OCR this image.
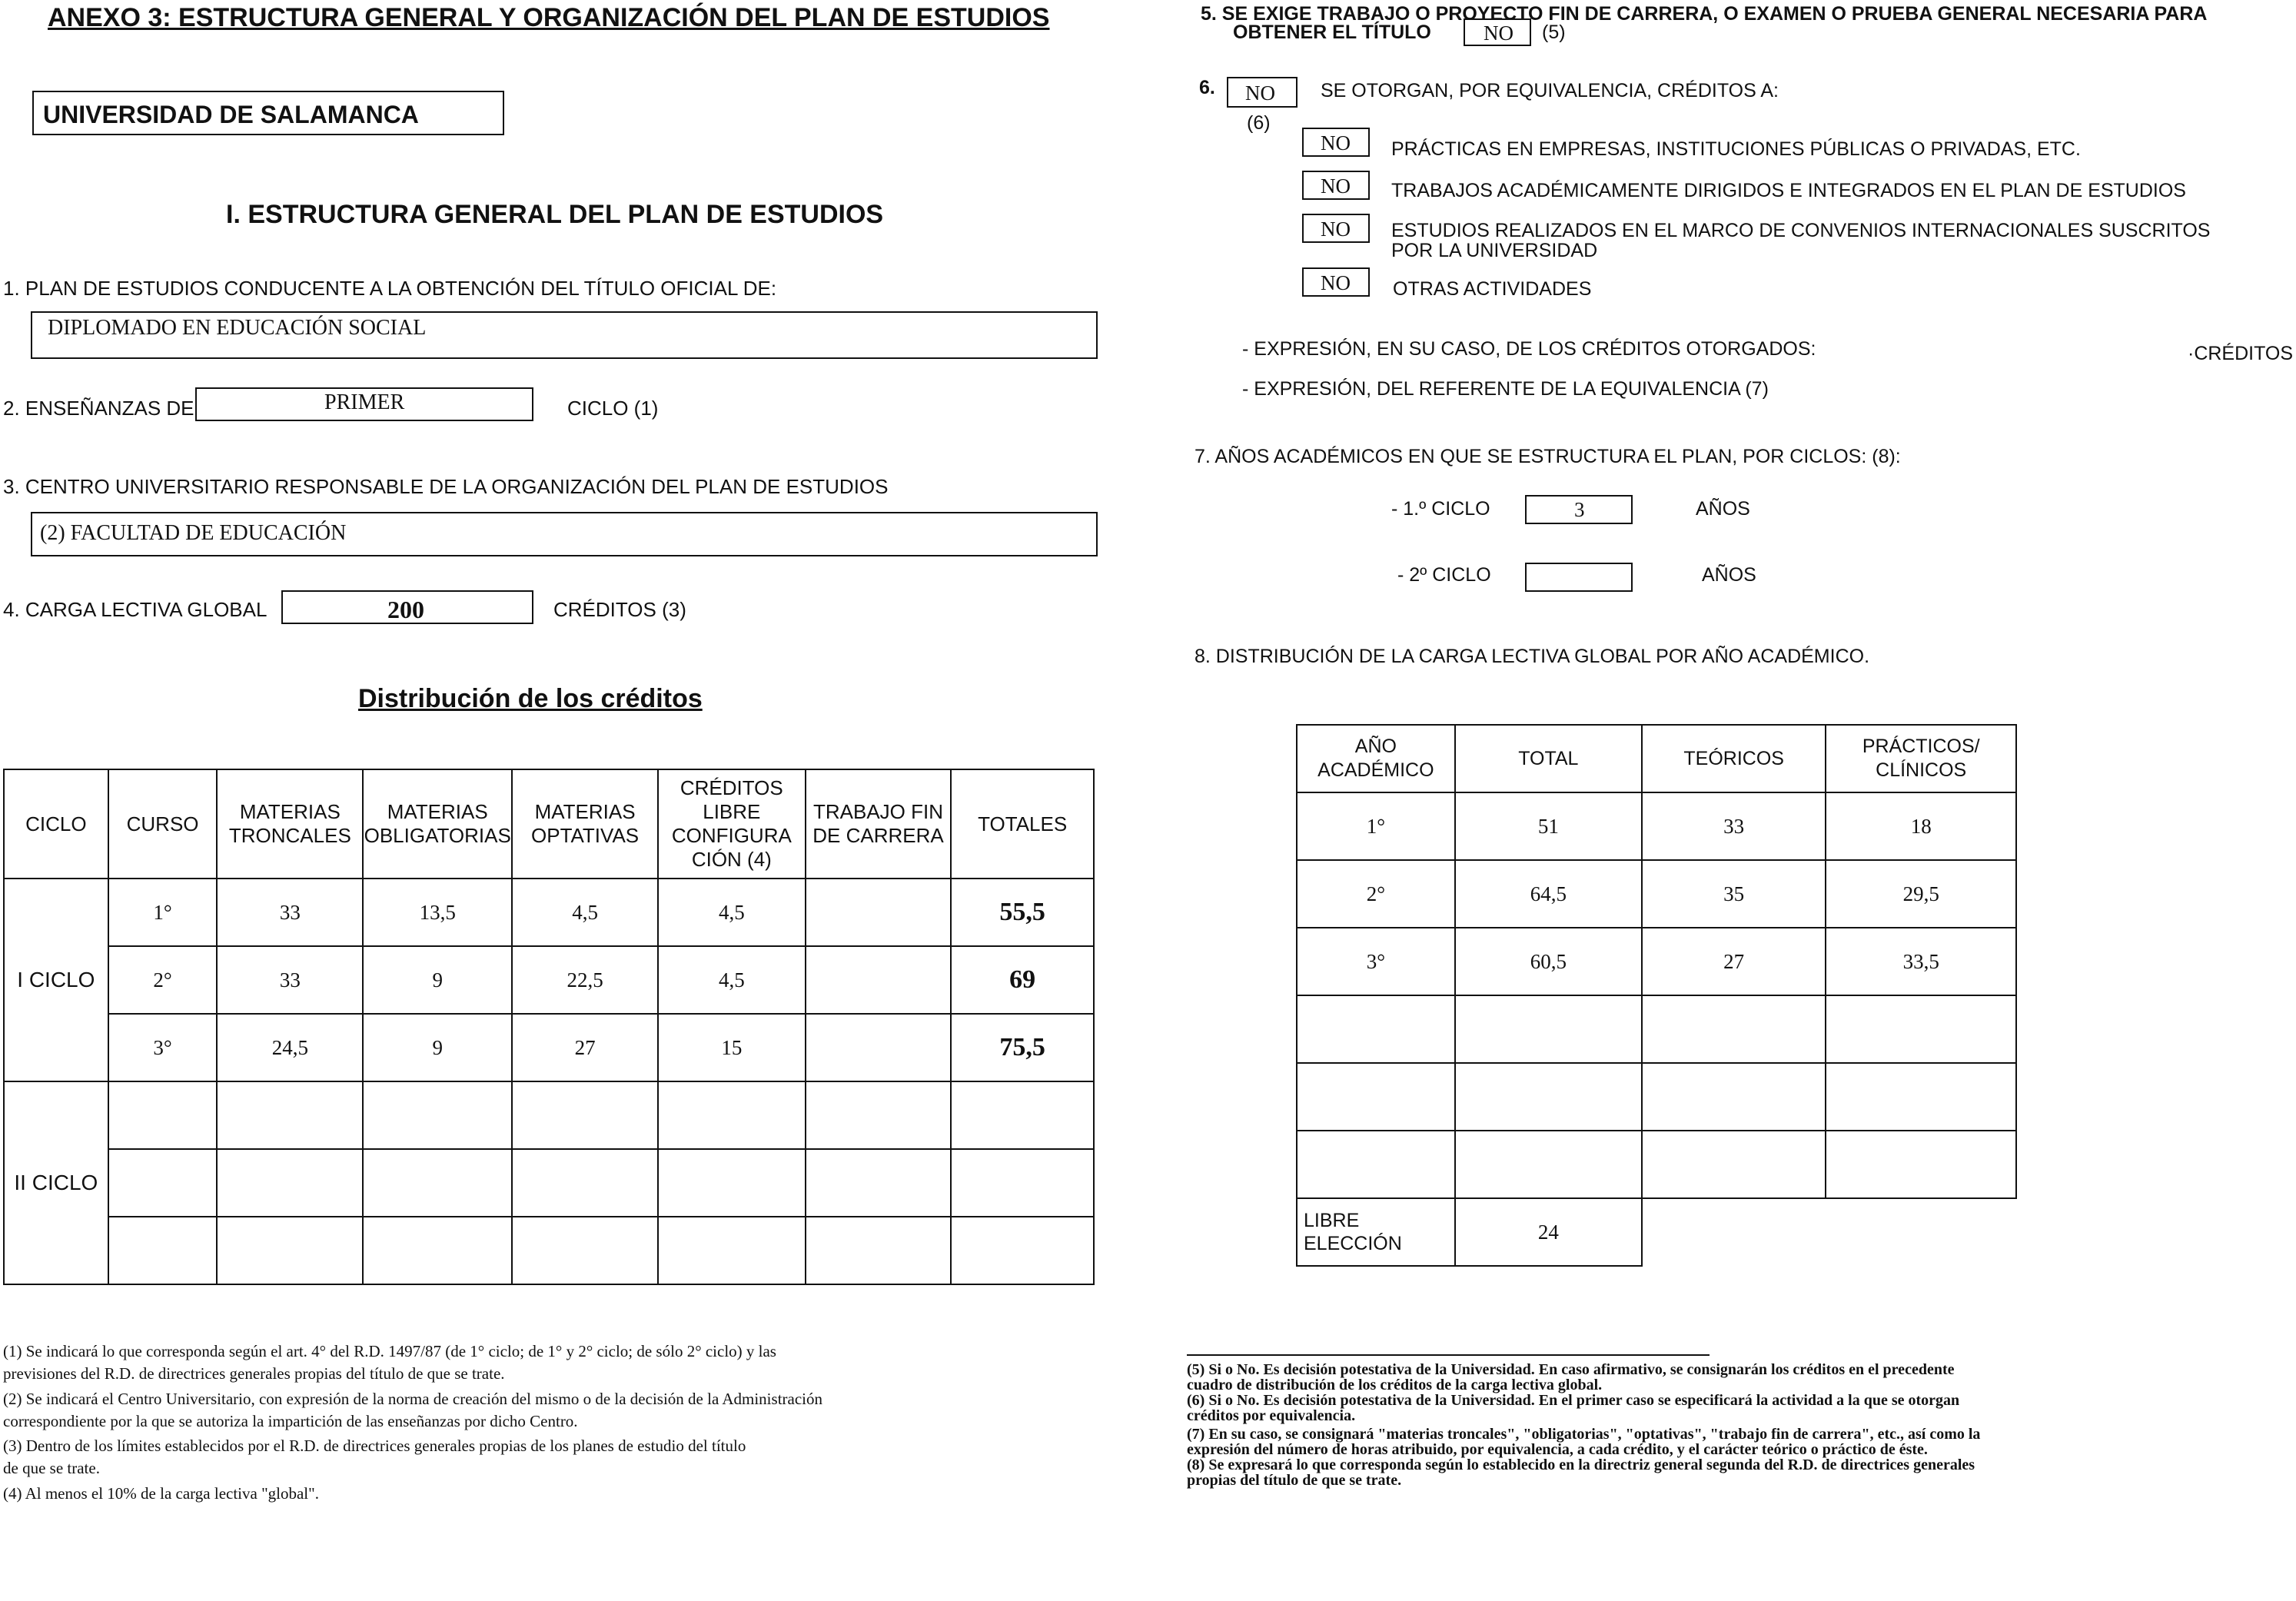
ANEXO 3: ESTRUCTURA GENERAL Y ORGANIZACIÓN DEL PLAN DE ESTUDIOS
UNIVERSIDAD DE SALAMANCA
I. ESTRUCTURA GENERAL DEL PLAN DE ESTUDIOS
1. PLAN DE ESTUDIOS CONDUCENTE A LA OBTENCIÓN DEL TÍTULO OFICIAL DE:
DIPLOMADO EN EDUCACIÓN SOCIAL
2. ENSEÑANZAS DE	PRIMER	CICLO (1)
3. CENTRO UNIVERSITARIO RESPONSABLE DE LA ORGANIZACIÓN DEL PLAN DE ESTUDIOS
(2) FACULTAD DE EDUCACIÓN
4. CARGA LECTIVA GLOBAL	200	CRÉDITOS (3)
Distribución de los créditos
CICLO	CURSO	MATERIAS TRONCALES	MATERIAS OBLIGATORIAS	MATERIAS OPTATIVAS	CRÉDITOS LIBRE CONFIGURA CIÓN (4)	TRABAJO FIN DE CARRERA	TOTALES
I CICLO	1°	33	13,5	4,5	4,5		55,5
	2°	33	9	22,5	4,5		69
	3°	24,5	9	27	15		75,5
II CICLO							

(1) Se indicará lo que corresponda según el art. 4° del R.D. 1497/87 (de 1° ciclo; de 1° y 2° ciclo; de sólo 2° ciclo) y las
previsiones del R.D. de directrices generales propias del título de que se trate.
(2) Se indicará el Centro Universitario, con expresión de la norma de creación del mismo o de la decisión de la Administración
correspondiente por la que se autoriza la impartición de las enseñanzas por dicho Centro.
(3) Dentro de los límites establecidos por el R.D. de directrices generales propias de los planes de estudio del título
de que se trate.
(4) Al menos el 10% de la carga lectiva "global".
5. SE EXIGE TRABAJO O PROYECTO FIN DE CARRERA, O EXAMEN O PRUEBA GENERAL NECESARIA PARA
OBTENER EL TÍTULO	NO (5)
6. NO SE OTORGAN, POR EQUIVALENCIA, CRÉDITOS A:
(6)
NO PRÁCTICAS EN EMPRESAS, INSTITUCIONES PÚBLICAS O PRIVADAS, ETC.
NO TRABAJOS ACADÉMICAMENTE DIRIGIDOS E INTEGRADOS EN EL PLAN DE ESTUDIOS
NO ESTUDIOS REALIZADOS EN EL MARCO DE CONVENIOS INTERNACIONALES SUSCRITOS
POR LA UNIVERSIDAD
NO OTRAS ACTIVIDADES
- EXPRESIÓN, EN SU CASO, DE LOS CRÉDITOS OTORGADOS:	·CRÉDITOS
- EXPRESIÓN, DEL REFERENTE DE LA EQUIVALENCIA (7)
7. AÑOS ACADÉMICOS EN QUE SE ESTRUCTURA EL PLAN, POR CICLOS: (8):
- 1.º CICLO	3	AÑOS
- 2º CICLO	AÑOS
8. DISTRIBUCIÓN DE LA CARGA LECTIVA GLOBAL POR AÑO ACADÉMICO.
AÑO ACADÉMICO	TOTAL	TEÓRICOS	PRÁCTICOS/ CLÍNICOS
1°	51	33	18
2°	64,5	35	29,5
3°	60,5	27	33,5

LIBRE ELECCIÓN	24		
(5) Si o No. Es decisión potestativa de la Universidad. En caso afirmativo, se consignarán los créditos en el precedente
cuadro de distribución de los créditos de la carga lectiva global.
(6) Si o No. Es decisión potestativa de la Universidad. En el primer caso se especificará la actividad a la que se otorgan
créditos por equivalencia.
(7) En su caso, se consignará "materias troncales", "obligatorias", "optativas", "trabajo fin de carrera", etc., así como la
expresión del número de horas atribuido, por equivalencia, a cada crédito, y el carácter teórico o práctico de éste.
(8) Se expresará lo que corresponda según lo establecido en la directriz general segunda del R.D. de directrices generales
propias del título de que se trate.
